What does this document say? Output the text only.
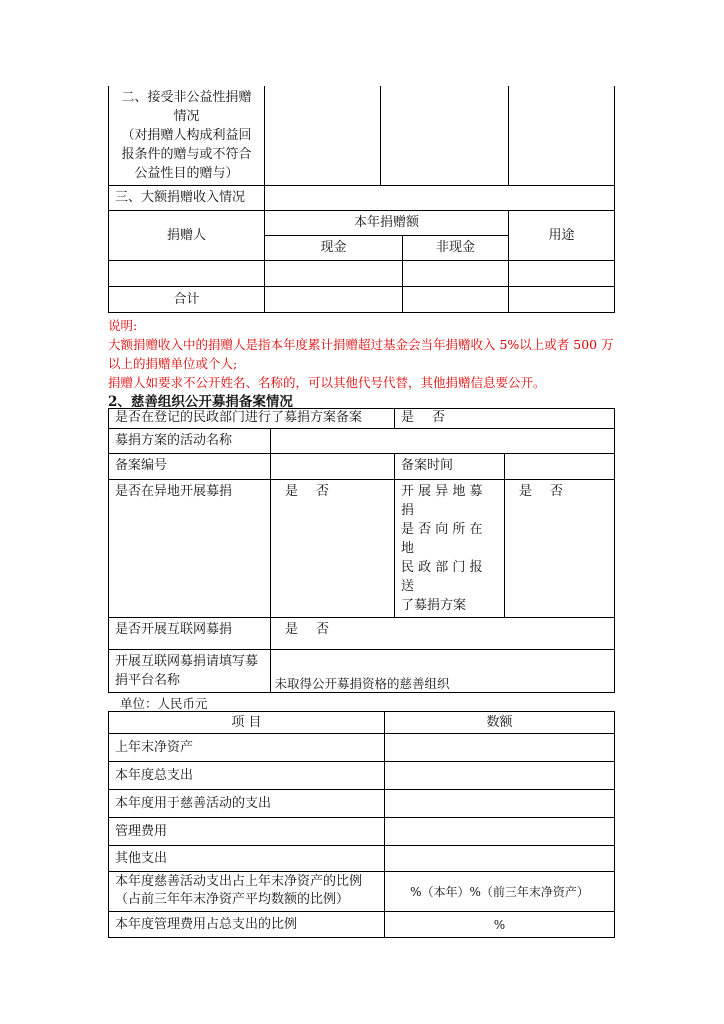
二、接受非公益性捐赠
情况
（对捐赠人构成利益回
报条件的赠与或不符合
公益性目的赠与）				

三、大额捐赠收入情况				
捐赠人	本年捐赠额			用途
	现金		非现金	

合计				
说明:
大额捐赠收入中的捐赠人是指本年度累计捐赠超过基金会当年捐赠收入 5%以上或者 500 万
以上的捐赠单位或个人;
捐赠人如要求不公开姓名、名称的，可以其他代号代替，其他捐赠信息要公开。
2、慈善组织公开募捐备案情况
是否在登记的民政部门进行了募捐方案备案		是 否	
募捐方案的活动名称			
备案编号		备案时间	
是否在异地开展募捐	是 否	开 展 异 地 募 捐
是 否 向 所 在 地
民 政 部 门 报 送
了募捐方案	是 否
是否开展互联网募捐	是 否		

开展互联网募捐请填写募
捐平台名称			
		未取得公开募捐资格的慈善组织
单位：人民币元
项 目	数额
上年末净资产	
本年度总支出	
本年度用于慈善活动的支出	
管理费用	
其他支出	

本年度慈善活动支出占上年末净资产的比例
（占前三年年末净资产平均数额的比例）	%（本年）%（前三年末净资产）
本年度管理费用占总支出的比例	%
